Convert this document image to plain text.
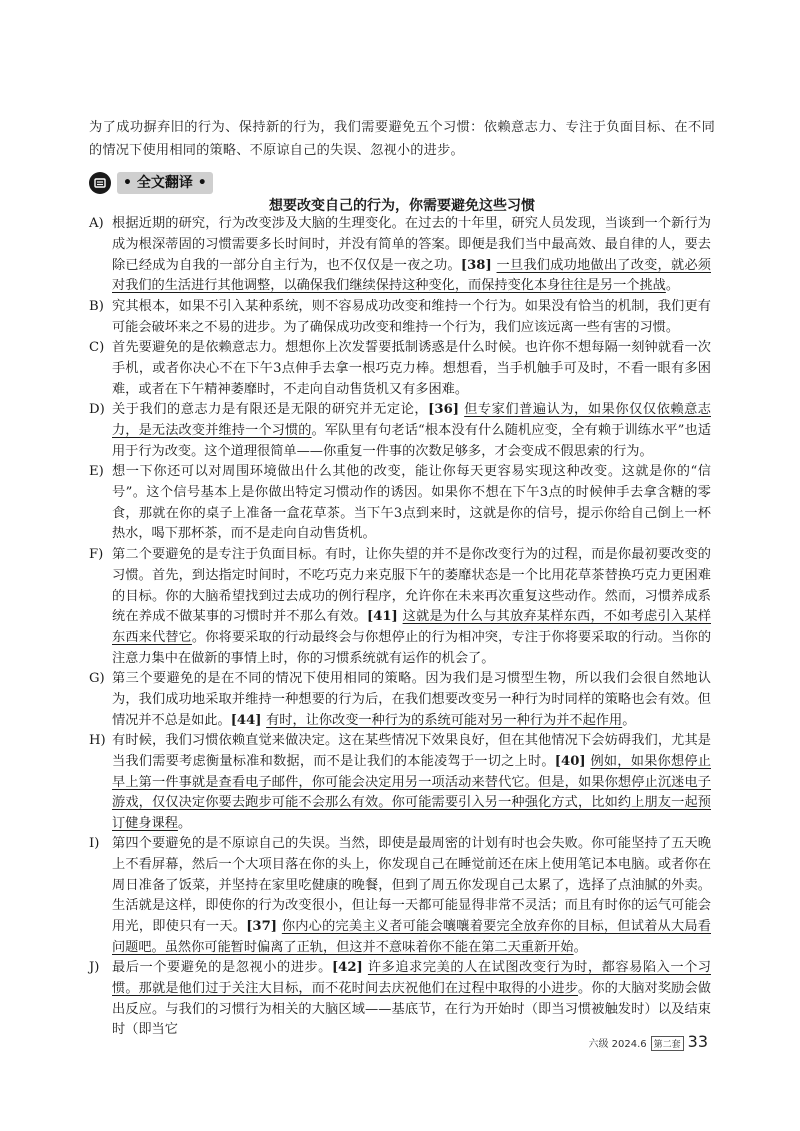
为了成功摒弃旧的行为、保持新的行为，我们需要避免五个习惯：依赖意志力、专注于负面目标、在不同的情况下使用相同的策略、不原谅自己的失误、忽视小的进步。
• 全文翻译 •
想要改变自己的行为，你需要避免这些习惯
A) 根据近期的研究，行为改变涉及大脑的生理变化。在过去的十年里，研究人员发现，当谈到一个新行为成为根深蒂固的习惯需要多长时间时，并没有简单的答案。即便是我们当中最高效、最自律的人，要去除已经成为自我的一部分自主行为，也不仅仅是一夜之功。[38] 一旦我们成功地做出了改变，就必须对我们的生活进行其他调整，以确保我们继续保持这种变化，而保持变化本身往往是另一个挑战。
B) 究其根本，如果不引入某种系统，则不容易成功改变和维持一个行为。如果没有恰当的机制，我们更有可能会破坏来之不易的进步。为了确保成功改变和维持一个行为，我们应该远离一些有害的习惯。
C) 首先要避免的是依赖意志力。想想你上次发誓要抵制诱惑是什么时候。也许你不想每隔一刻钟就看一次手机，或者你决心不在下午3点伸手去拿一根巧克力棒。想想看，当手机触手可及时，不看一眼有多困难，或者在下午精神萎靡时，不走向自动售货机又有多困难。
D) 关于我们的意志力是有限还是无限的研究并无定论，[36] 但专家们普遍认为，如果你仅仅依赖意志力，是无法改变并维持一个习惯的。军队里有句老话“根本没有什么随机应变，全有赖于训练水平”也适用于行为改变。这个道理很简单——你重复一件事的次数足够多，才会变成不假思索的行为。
E) 想一下你还可以对周围环境做出什么其他的改变，能让你每天更容易实现这种改变。这就是你的“信号”。这个信号基本上是你做出特定习惯动作的诱因。如果你不想在下午3点的时候伸手去拿含糖的零食，那就在你的桌子上准备一盒花草茶。当下午3点到来时，这就是你的信号，提示你给自己倒上一杯热水，喝下那杯茶，而不是走向自动售货机。
F) 第二个要避免的是专注于负面目标。有时，让你失望的并不是你改变行为的过程，而是你最初要改变的习惯。首先，到达指定时间时，不吃巧克力来克服下午的萎靡状态是一个比用花草茶替换巧克力更困难的目标。你的大脑希望找到过去成功的例行程序，允许你在未来再次重复这些动作。然而，习惯养成系统在养成不做某事的习惯时并不那么有效。[41] 这就是为什么与其放弃某样东西，不如考虑引入某样东西来代替它。你将要采取的行动最终会与你想停止的行为相冲突，专注于你将要采取的行动。当你的注意力集中在做新的事情上时，你的习惯系统就有运作的机会了。
G) 第三个要避免的是在不同的情况下使用相同的策略。因为我们是习惯型生物，所以我们会很自然地认为，我们成功地采取并维持一种想要的行为后，在我们想要改变另一种行为时同样的策略也会有效。但情况并不总是如此。[44] 有时，让你改变一种行为的系统可能对另一种行为并不起作用。
H) 有时候，我们习惯依赖直觉来做决定。这在某些情况下效果良好，但在其他情况下会妨碍我们，尤其是当我们需要考虑衡量标准和数据，而不是让我们的本能凌驾于一切之上时。[40] 例如，如果你想停止早上第一件事就是查看电子邮件，你可能会决定用另一项活动来替代它。但是，如果你想停止沉迷电子游戏，仅仅决定你要去跑步可能不会那么有效。你可能需要引入另一种强化方式，比如约上朋友一起预订健身课程。
I) 第四个要避免的是不原谅自己的失误。当然，即使是最周密的计划有时也会失败。你可能坚持了五天晚上不看屏幕，然后一个大项目落在你的头上，你发现自己在睡觉前还在床上使用笔记本电脑。或者你在周日准备了饭菜，并坚持在家里吃健康的晚餐，但到了周五你发现自己太累了，选择了点油腻的外卖。生活就是这样，即使你的行为改变很小，但让每一天都可能显得非常不灵活；而且有时你的运气可能会用光，即使只有一天。[37] 你内心的完美主义者可能会嚷嚷着要完全放弃你的目标，但试着从大局看问题吧。虽然你可能暂时偏离了正轨，但这并不意味着你不能在第二天重新开始。
J) 最后一个要避免的是忽视小的进步。[42] 许多追求完美的人在试图改变行为时，都容易陷入一个习惯。那就是他们过于关注大目标，而不花时间去庆祝他们在过程中取得的小进步。你的大脑对奖励会做出反应。与我们的习惯行为相关的大脑区域——基底节，在行为开始时（即当习惯被触发时）以及结束时（即当它
六级 2024.6 第二套 33
